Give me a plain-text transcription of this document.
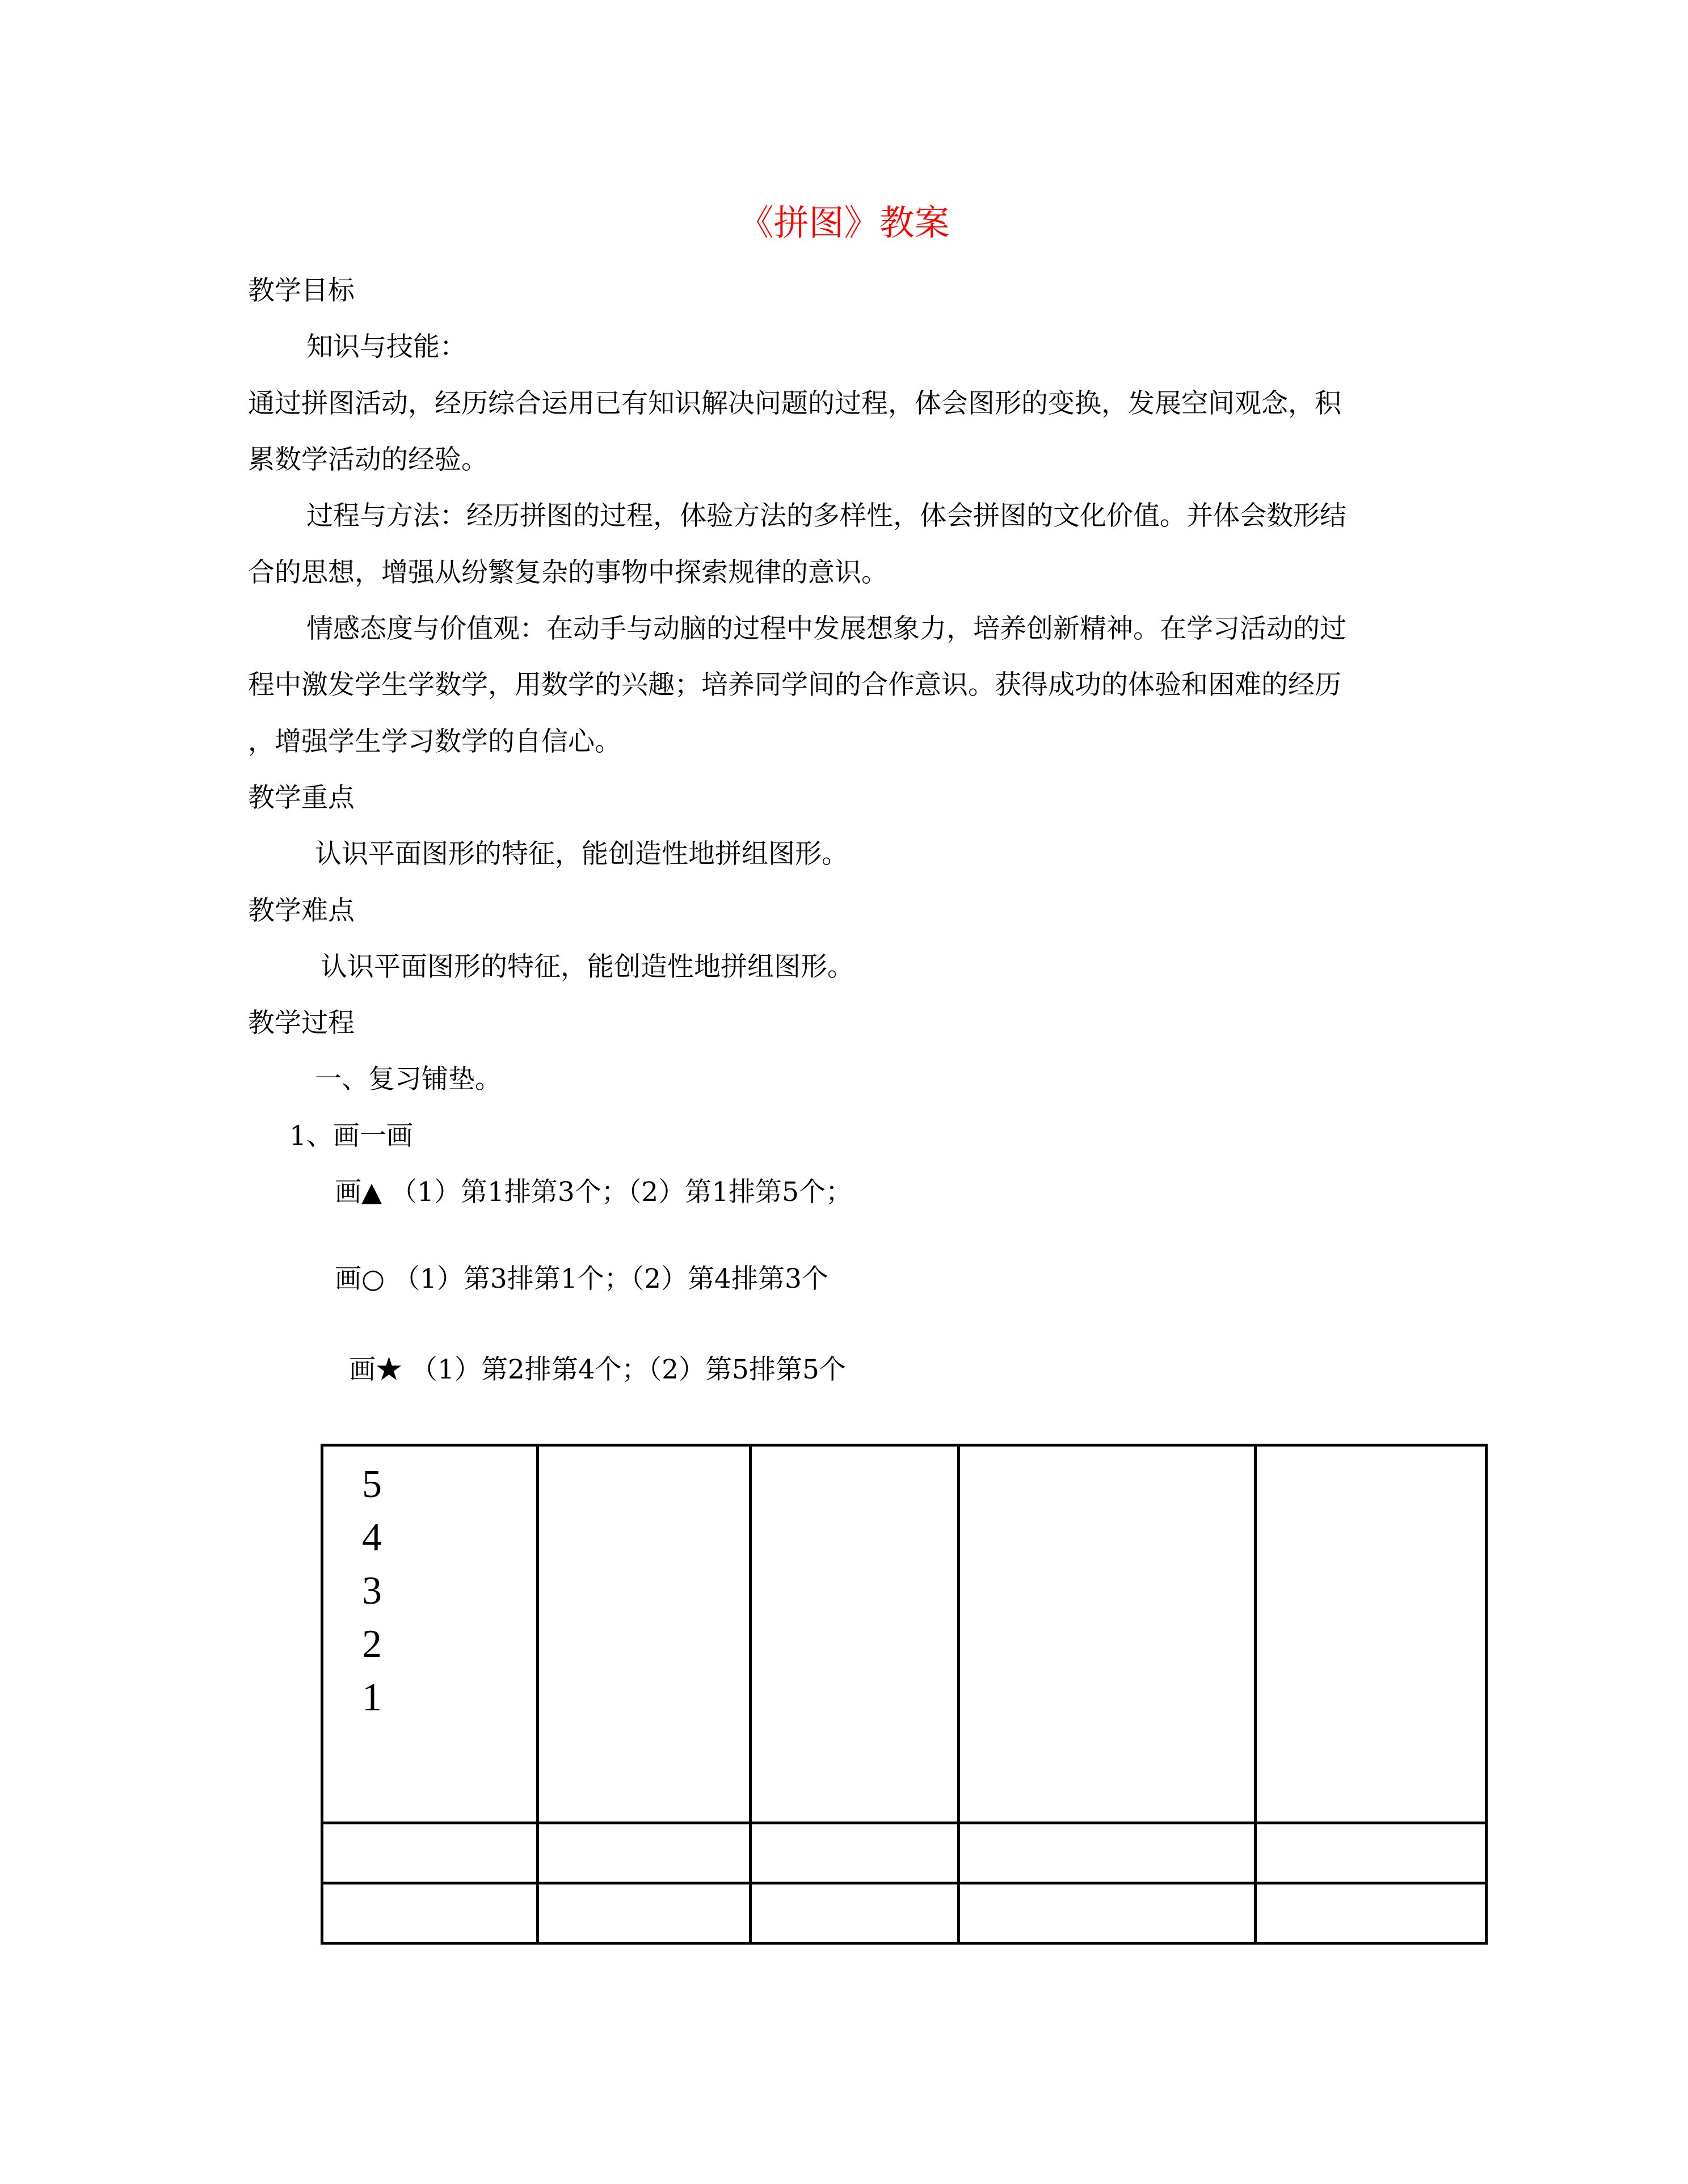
《拼图》教案
教学目标
知识与技能：
通过拼图活动，经历综合运用已有知识解决问题的过程，体会图形的变换，发展空间观念，积
累数学活动的经验。
过程与方法：经历拼图的过程，体验方法的多样性，体会拼图的文化价值。并体会数形结
合的思想，增强从纷繁复杂的事物中探索规律的意识。
情感态度与价值观：在动手与动脑的过程中发展想象力，培养创新精神。在学习活动的过
程中激发学生学数学，用数学的兴趣；培养同学间的合作意识。获得成功的体验和困难的经历
，增强学生学习数学的自信心。
教学重点
认识平面图形的特征，能创造性地拼组图形。
教学难点
认识平面图形的特征，能创造性地拼组图形。
教学过程
一、复习铺垫。
1、画一画
画▲ （1）第1排第3个；（2）第1排第5个；
画○ （1）第3排第1个；（2）第4排第3个
画★ （1）第2排第4个；（2）第5排第5个
5
4
3
2
1				
